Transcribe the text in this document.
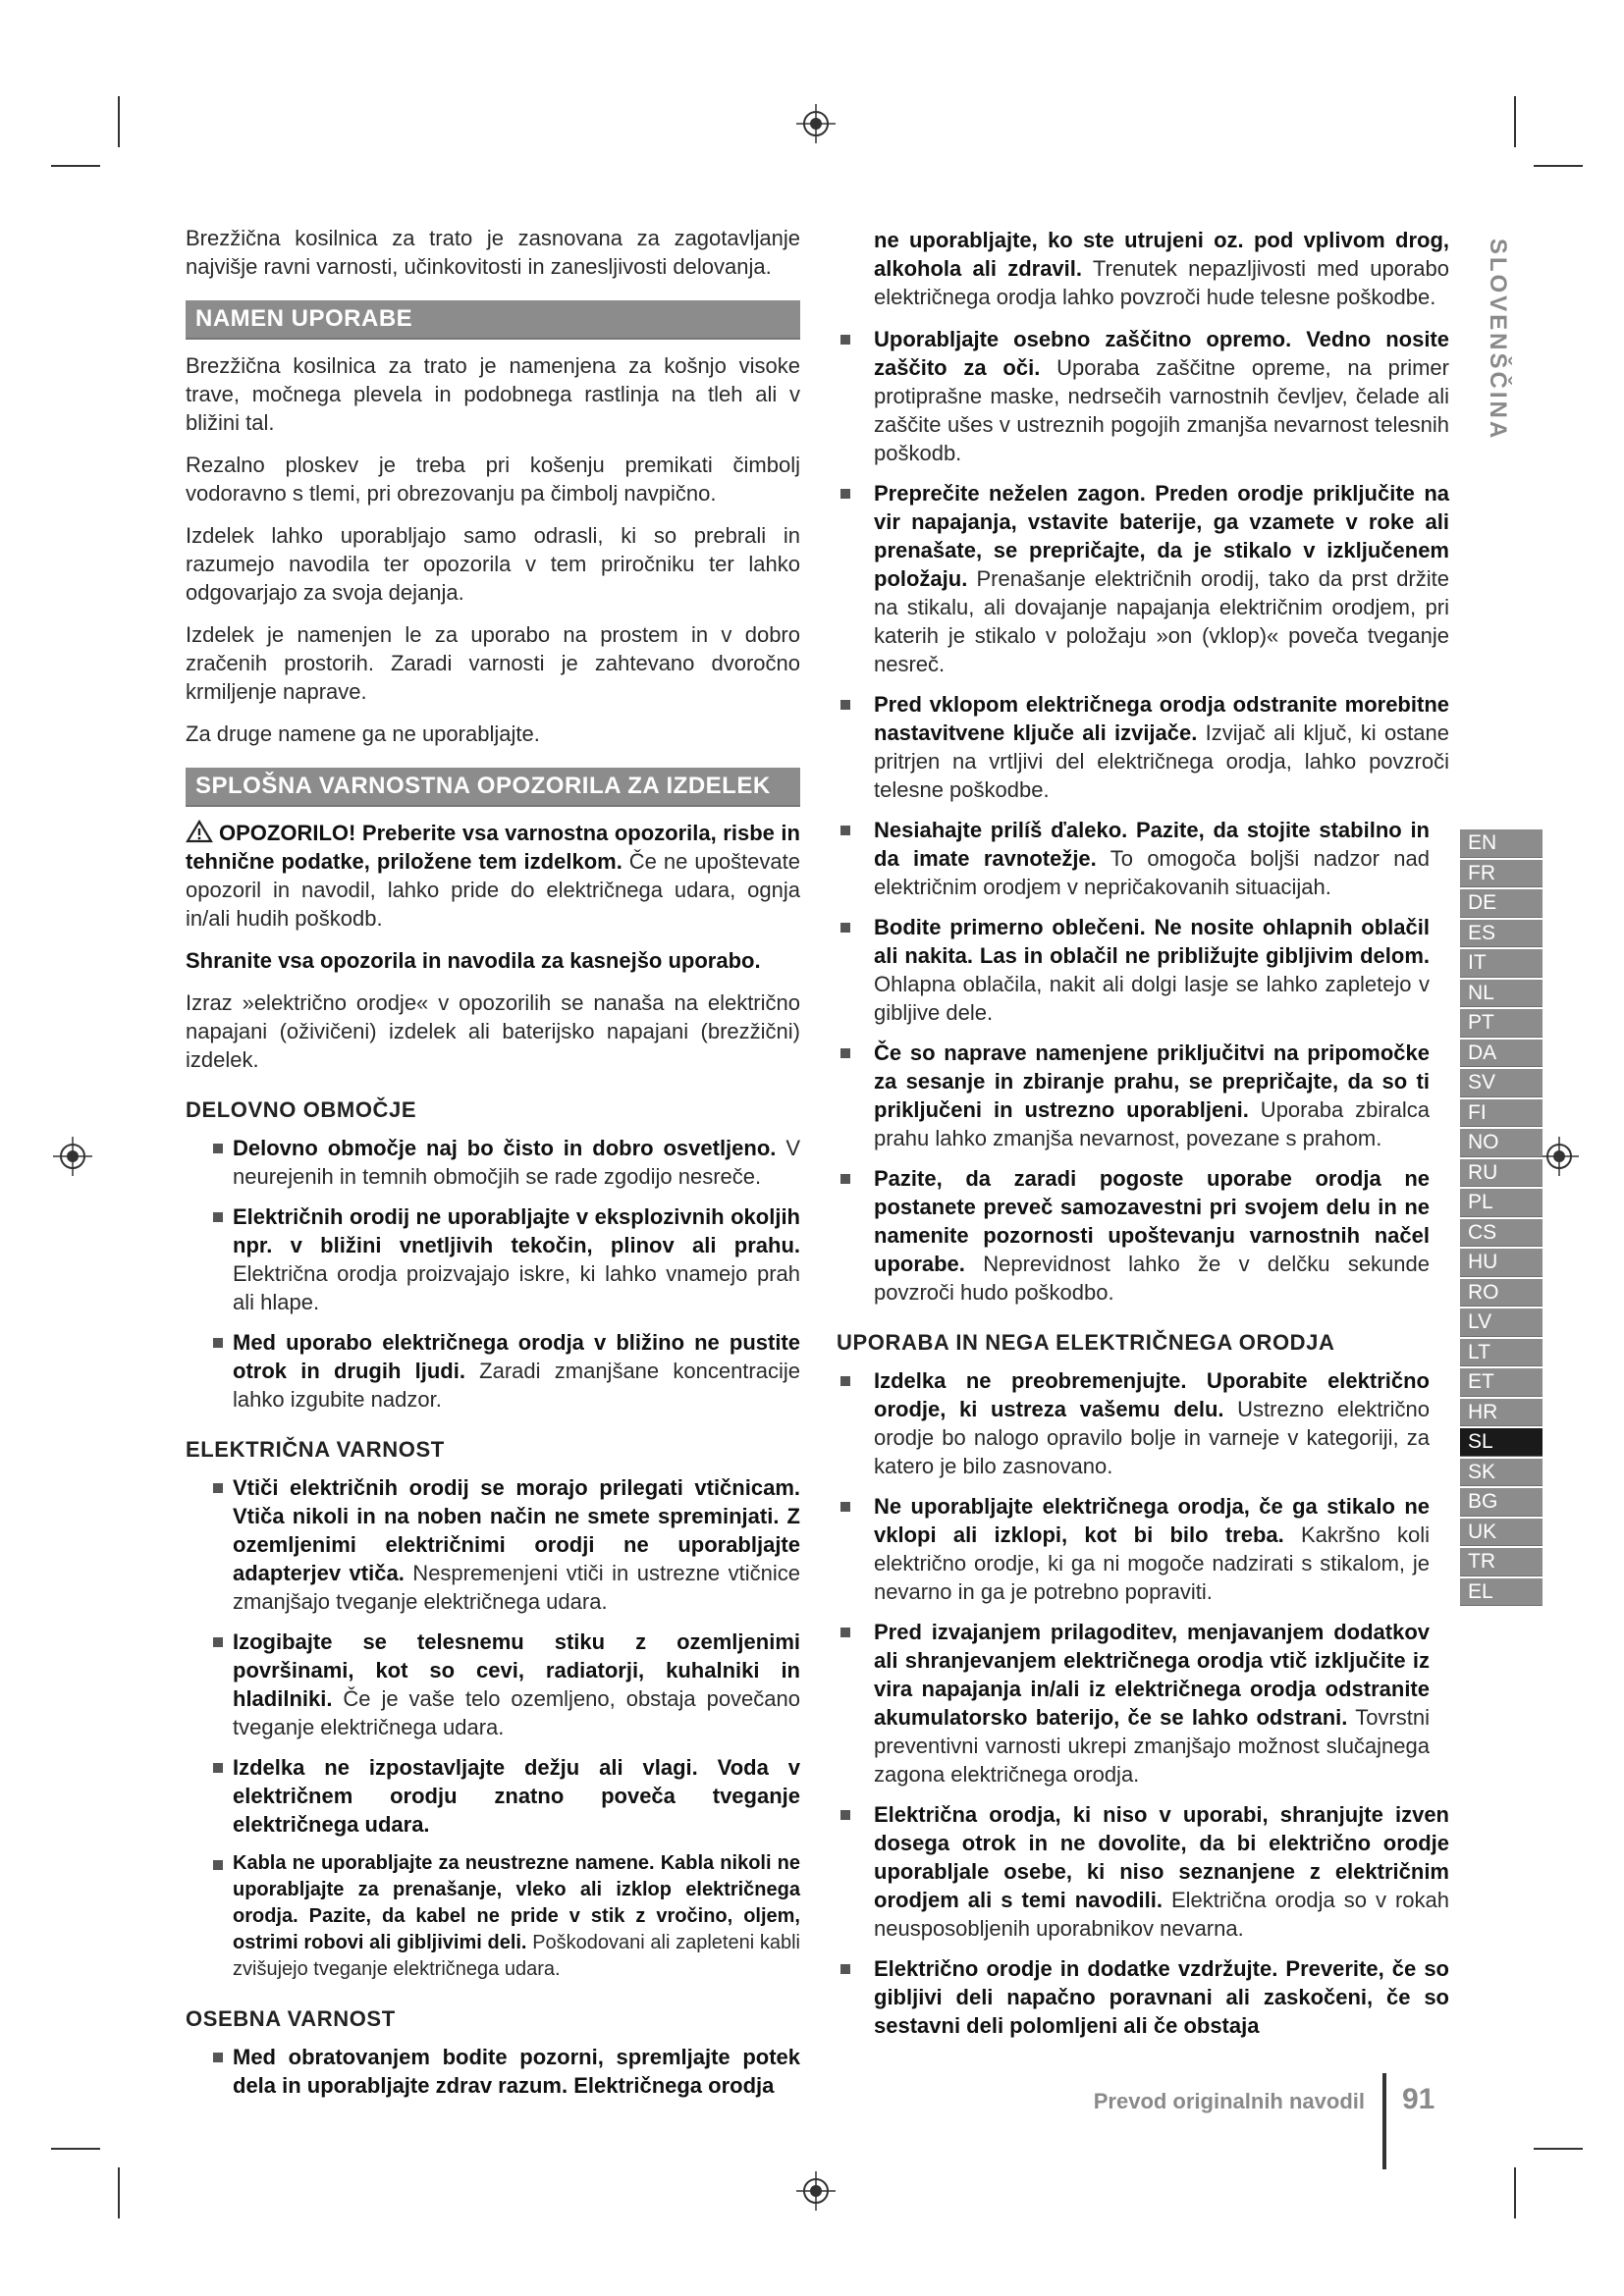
SLOVENŠČINA

Brezžična kosilnica za trato je zasnovana za zagotavljanje najvišje ravni varnosti, učinkovitosti in zanesljivosti delovanja.

NAMEN UPORABE

Brezžična kosilnica za trato je namenjena za košnjo visoke trave, močnega plevela in podobnega rastlinja na tleh ali v bližini tal.

Rezalno ploskev je treba pri košenju premikati čimbolj vodoravno s tlemi, pri obrezovanju pa čimbolj navpično.

Izdelek lahko uporabljajo samo odrasli, ki so prebrali in razumejo navodila ter opozorila v tem priročniku ter lahko odgovarjajo za svoja dejanja.

Izdelek je namenjen le za uporabo na prostem in v dobro zračenih prostorih. Zaradi varnosti je zahtevano dvoročno krmiljenje naprave.

Za druge namene ga ne uporabljajte.

SPLOŠNA VARNOSTNA OPOZORILA ZA IZDELEK

OPOZORILO! Preberite vsa varnostna opozorila, risbe in tehnične podatke, priložene tem izdelkom. Če ne upoštevate opozoril in navodil, lahko pride do električnega udara, ognja in/ali hudih poškodb.

Shranite vsa opozorila in navodila za kasnejšo uporabo.

Izraz »električno orodje« v opozorilih se nanaša na električno napajani (oživičeni) izdelek ali baterijsko napajani (brezžični) izdelek.

DELOVNO OBMOČJE
Delovno območje naj bo čisto in dobro osvetljeno. V neurejenih in temnih območjih se rade zgodijo nesreče.
Električnih orodij ne uporabljajte v eksplozivnih okoljih npr. v bližini vnetljivih tekočin, plinov ali prahu. Električna orodja proizvajajo iskre, ki lahko vnamejo prah ali hlape.
Med uporabo električnega orodja v bližino ne pustite otrok in drugih ljudi. Zaradi zmanjšane koncentracije lahko izgubite nadzor.
ELEKTRIČNA VARNOST
Vtiči električnih orodij se morajo prilegati vtičnicam. Vtiča nikoli in na noben način ne smete spreminjati. Z ozemljenimi električnimi orodji ne uporabljajte adapterjev vtiča. Nespremenjeni vtiči in ustrezne vtičnice zmanjšajo tveganje električnega udara.
Izogibajte se telesnemu stiku z ozemljenimi površinami, kot so cevi, radiatorji, kuhalniki in hladilniki. Če je vaše telo ozemljeno, obstaja povečano tveganje električnega udara.
Izdelka ne izpostavljajte dežju ali vlagi. Voda v električnem orodju znatno poveča tveganje električnega udara.
Kabla ne uporabljajte za neustrezne namene. Kabla nikoli ne uporabljajte za prenašanje, vleko ali izklop električnega orodja. Pazite, da kabel ne pride v stik z vročino, oljem, ostrimi robovi ali gibljivimi deli. Poškodovani ali zapleteni kabli zvišujejo tveganje električnega udara.
OSEBNA VARNOST
Med obratovanjem bodite pozorni, spremljajte potek dela in uporabljajte zdrav razum. Električnega orodja

ne uporabljajte, ko ste utrujeni oz. pod vplivom drog, alkohola ali zdravil. Trenutek nepazljivosti med uporabo električnega orodja lahko povzroči hude telesne poškodbe.

Uporabljajte osebno zaščitno opremo. Vedno nosite zaščito za oči. Uporaba zaščitne opreme, na primer protiprašne maske, nedrsečih varnostnih čevljev, čelade ali zaščite ušes v ustreznih pogojih zmanjša nevarnost telesnih poškodb.
Preprečite neželen zagon. Preden orodje priključite na vir napajanja, vstavite baterije, ga vzamete v roke ali prenašate, se prepričajte, da je stikalo v izključenem položaju. Prenašanje električnih orodij, tako da prst držite na stikalu, ali dovajanje napajanja električnim orodjem, pri katerih je stikalo v položaju »on (vklop)« poveča tveganje nesreč.
Pred vklopom električnega orodja odstranite morebitne nastavitvene ključe ali izvijače. Izvijač ali ključ, ki ostane pritrjen na vrtljivi del električnega orodja, lahko povzroči telesne poškodbe.
Nesiahajte prilíš ďaleko. Pazite, da stojite stabilno in da imate ravnotežje. To omogoča boljši nadzor nad električnim orodjem v nepričakovanih situacijah.
Bodite primerno oblečeni. Ne nosite ohlapnih oblačil ali nakita. Las in oblačil ne približujte gibljivim delom. Ohlapna oblačila, nakit ali dolgi lasje se lahko zapletejo v gibljive dele.
Če so naprave namenjene priključitvi na pripomočke za sesanje in zbiranje prahu, se prepričajte, da so ti priključeni in ustrezno uporabljeni. Uporaba zbiralca prahu lahko zmanjša nevarnost, povezane s prahom.
Pazite, da zaradi pogoste uporabe orodja ne postanete preveč samozavestni pri svojem delu in ne namenite pozornosti upoštevanju varnostnih načel uporabe. Neprevidnost lahko že v delčku sekunde povzroči hudo poškodbo.
UPORABA IN NEGA ELEKTRIČNEGA ORODJA
Izdelka ne preobremenjujte. Uporabite električno orodje, ki ustreza vašemu delu. Ustrezno električno orodje bo nalogo opravilo bolje in varneje v kategoriji, za katero je bilo zasnovano.
Ne uporabljajte električnega orodja, če ga stikalo ne vklopi ali izklopi, kot bi bilo treba. Kakršno koli električno orodje, ki ga ni mogoče nadzirati s stikalom, je nevarno in ga je potrebno popraviti.
Pred izvajanjem prilagoditev, menjavanjem dodatkov ali shranjevanjem električnega orodja vtič izključite iz vira napajanja in/ali iz električnega orodja odstranite akumulatorsko baterijo, če se lahko odstrani. Tovrstni preventivni varnosti ukrepi zmanjšajo možnost slučajnega zagona električnega orodja.
Električna orodja, ki niso v uporabi, shranjujte izven dosega otrok in ne dovolite, da bi električno orodje uporabljale osebe, ki niso seznanjene z električnim orodjem ali s temi navodili. Električna orodja so v rokah neusposobljenih uporabnikov nevarna.
Električno orodje in dodatke vzdržujte. Preverite, če so gibljivi deli napačno poravnani ali zaskočeni, če so sestavni deli polomljeni ali če obstaja
EN
FR
DE
ES
IT
NL
PT
DA
SV
FI
NO
RU
PL
CS
HU
RO
LV
LT
ET
HR
SL
SK
BG
UK
TR
EL
Prevod originalnih navodil 91
